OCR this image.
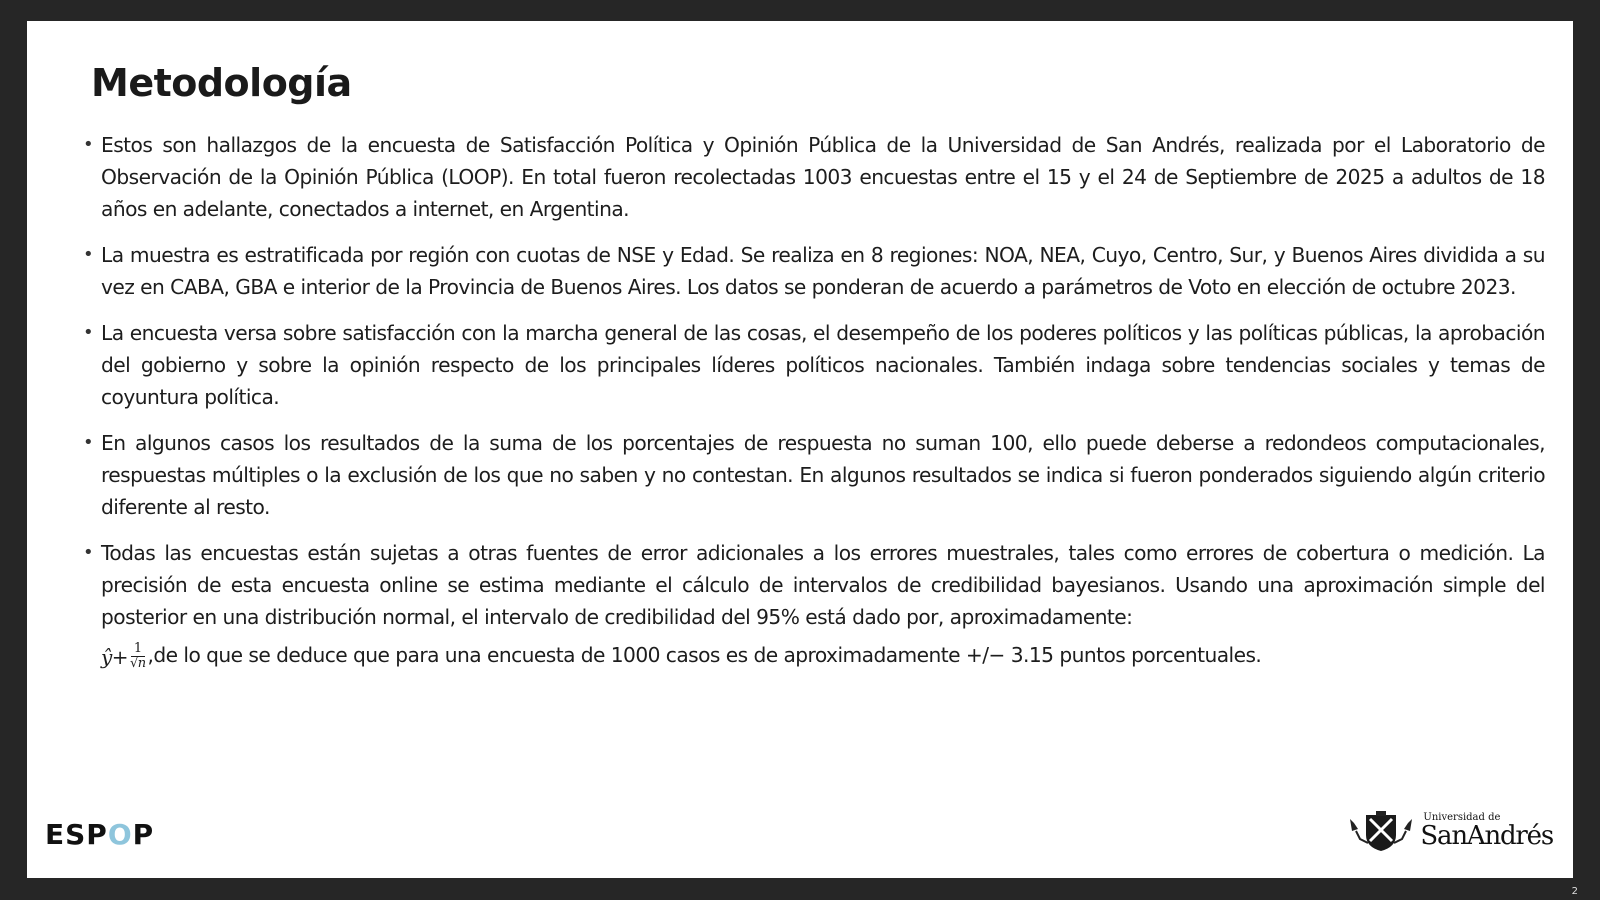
Metodología
• Estos son hallazgos de la encuesta de Satisfacción Política y Opinión Pública de la Universidad de San Andrés, realizada por el Laboratorio de Observación de la Opinión Pública (LOOP). En total fueron recolectadas 1003 encuestas entre el 15 y el 24 de Septiembre de 2025 a adultos de 18 años en adelante, conectados a internet, en Argentina.
• La muestra es estratificada por región con cuotas de NSE y Edad. Se realiza en 8 regiones: NOA, NEA, Cuyo, Centro, Sur, y Buenos Aires dividida a su vez en CABA, GBA e interior de la Provincia de Buenos Aires. Los datos se ponderan de acuerdo a parámetros de Voto en elección de octubre 2023.
• La encuesta versa sobre satisfacción con la marcha general de las cosas, el desempeño de los poderes políticos y las políticas públicas, la aprobación del gobierno y sobre la opinión respecto de los principales líderes políticos nacionales. También indaga sobre tendencias sociales y temas de coyuntura política.
• En algunos casos los resultados de la suma de los porcentajes de respuesta no suman 100, ello puede deberse a redondeos computacionales, respuestas múltiples o la exclusión de los que no saben y no contestan. En algunos resultados se indica si fueron ponderados siguiendo algún criterio diferente al resto.
• Todas las encuestas están sujetas a otras fuentes de error adicionales a los errores muestrales, tales como errores de cobertura o medición. La precisión de esta encuesta online se estima mediante el cálculo de intervalos de credibilidad bayesianos. Usando una aproximación simple del posterior en una distribución normal, el intervalo de credibilidad del 95% está dado por, aproximadamente:
ŷ+ $\frac{1}{√n} ,de$ lo que se deduce que para una encuesta de 1000 casos es de aproximadamente +/− 3.15 puntos porcentuales.
ESP O P
Universidad de
SanAndrés
2
